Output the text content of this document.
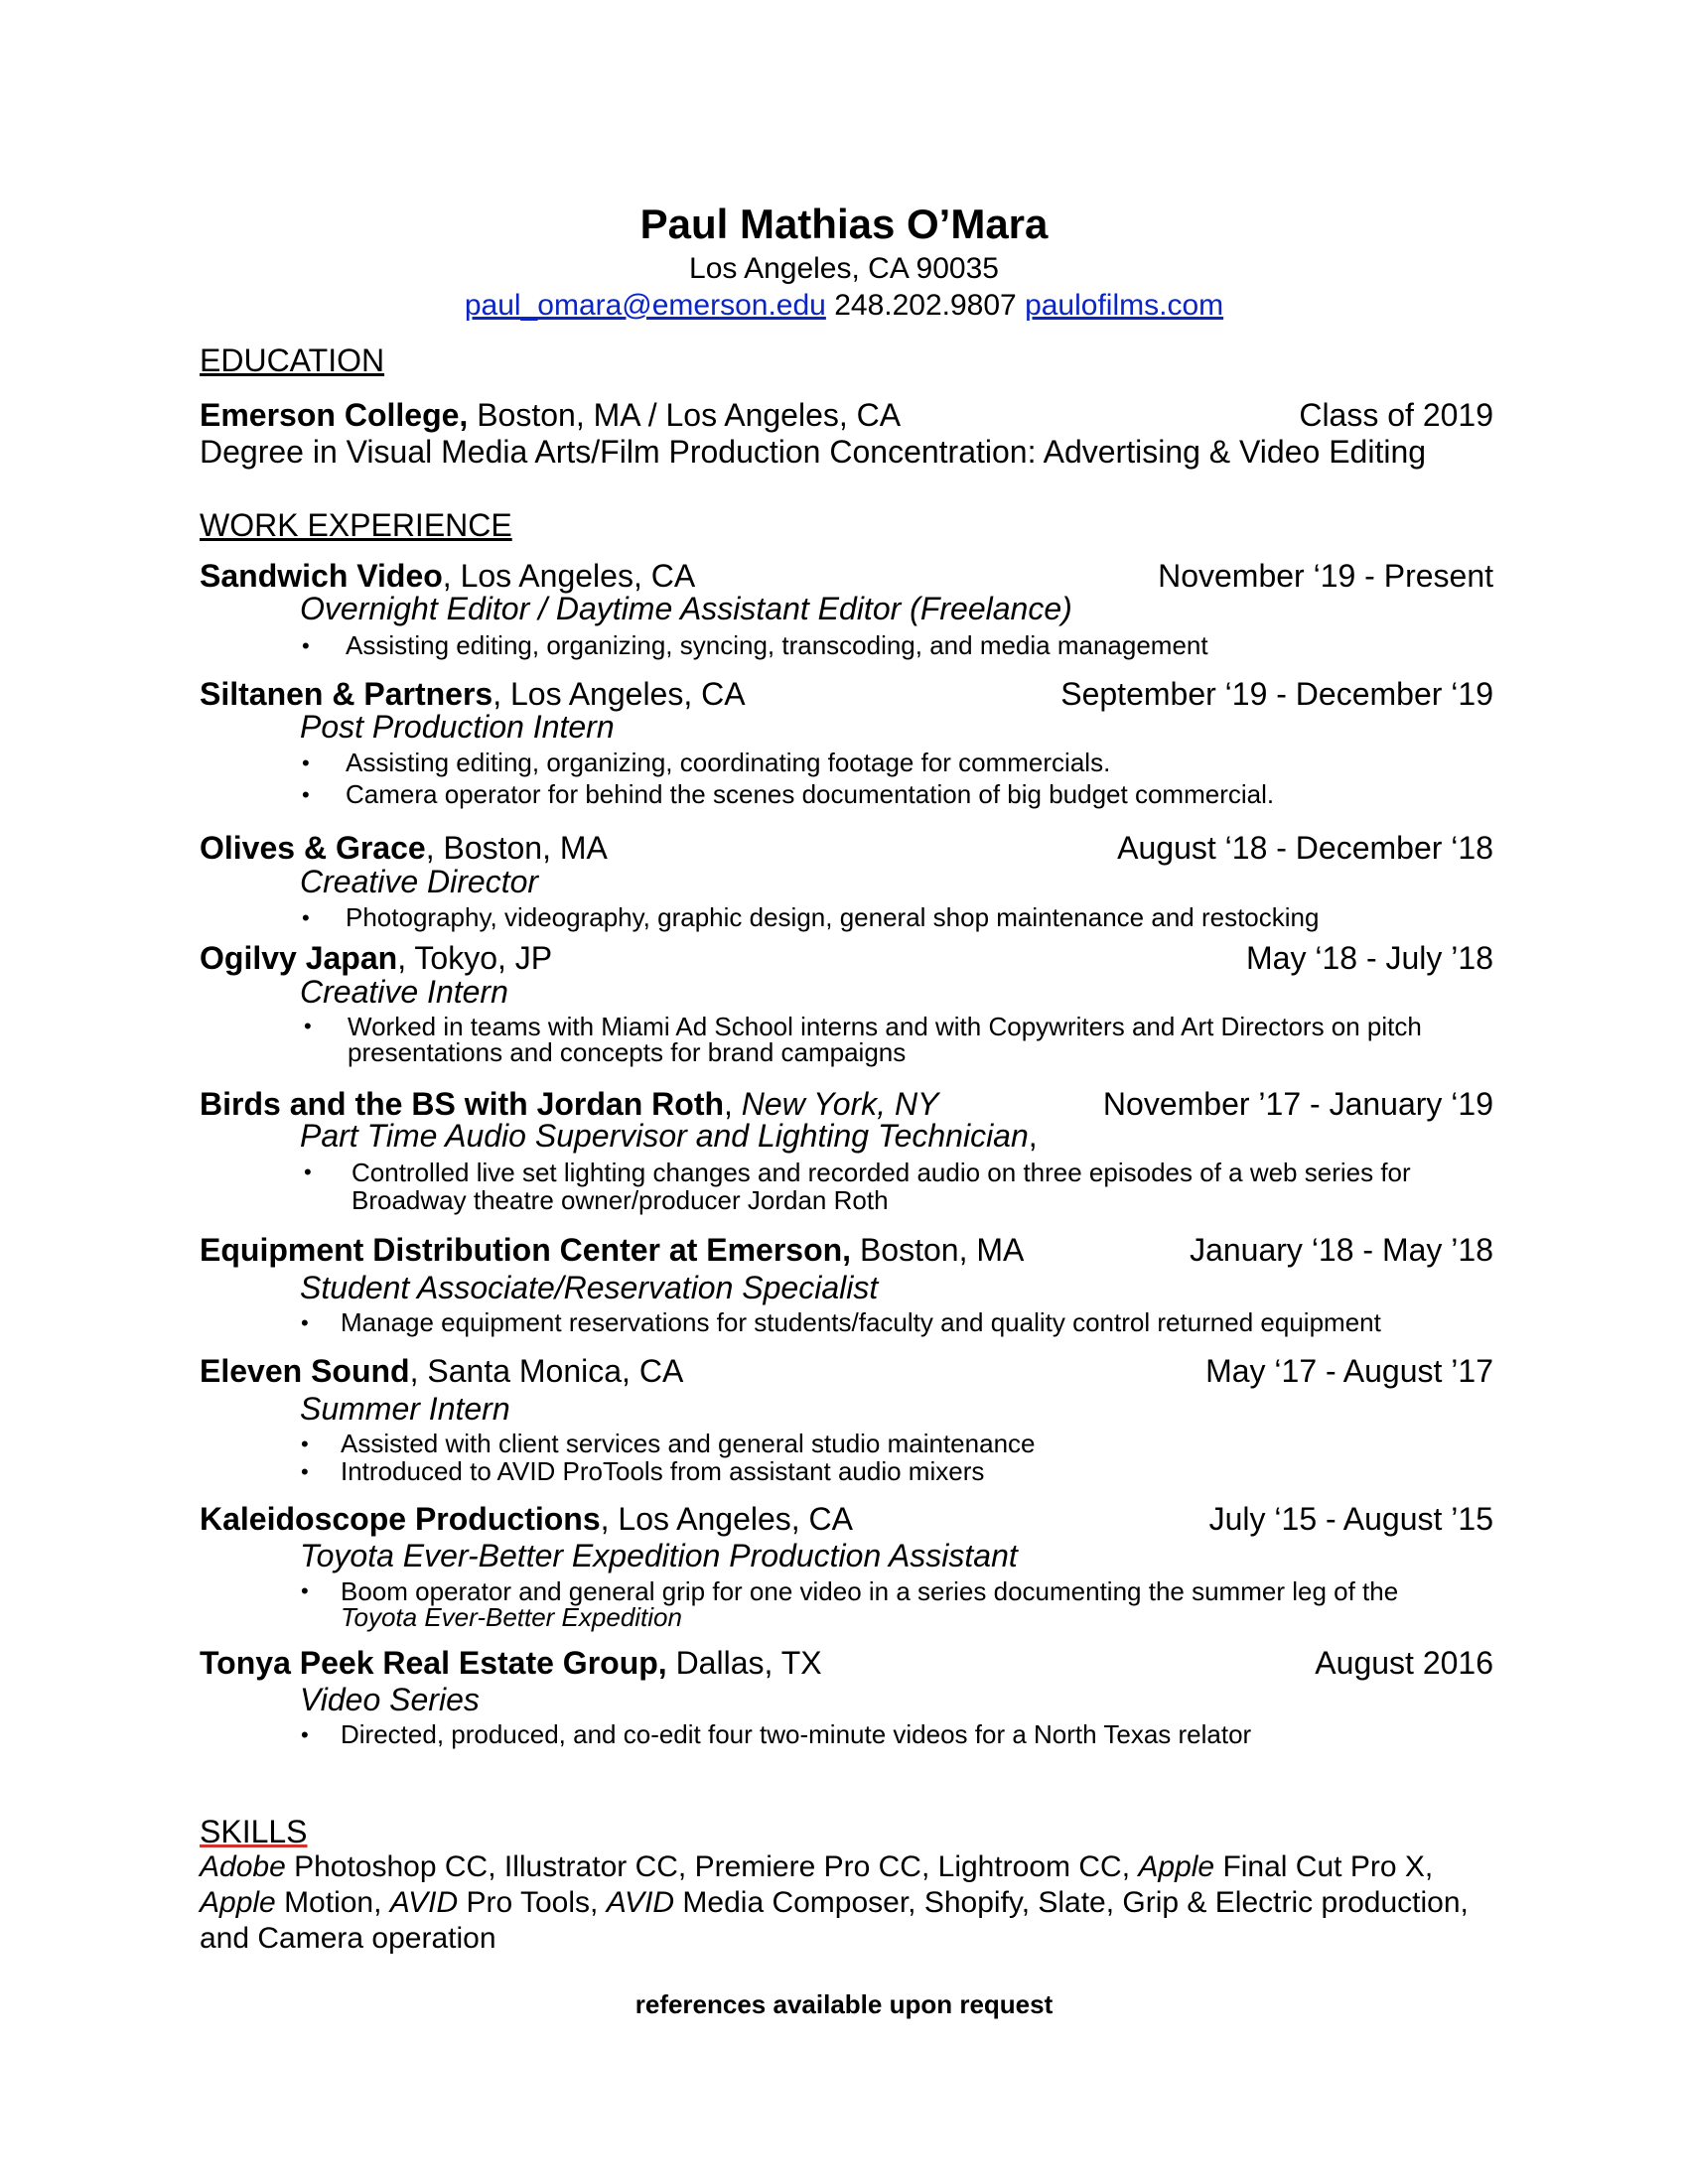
Paul Mathias O’Mara
Los Angeles, CA 90035
paul_omara@emerson.edu 248.202.9807 paulofilms.com
EDUCATION
Emerson College, Boston, MA / Los Angeles, CA	Class of 2019
Degree in Visual Media Arts/Film Production Concentration: Advertising & Video Editing
WORK EXPERIENCE
Sandwich Video, Los Angeles, CA	November ‘19 - Present
Overnight Editor / Daytime Assistant Editor (Freelance)
• Assisting editing, organizing, syncing, transcoding, and media management
Siltanen & Partners, Los Angeles, CA	September ‘19 - December ‘19
Post Production Intern
• Assisting editing, organizing, coordinating footage for commercials.
• Camera operator for behind the scenes documentation of big budget commercial.
Olives & Grace, Boston, MA	August ‘18 - December ‘18
Creative Director
• Photography, videography, graphic design, general shop maintenance and restocking
Ogilvy Japan, Tokyo, JP	May ‘18 - July ’18
Creative Intern
• Worked in teams with Miami Ad School interns and with Copywriters and Art Directors on pitch presentations and concepts for brand campaigns
Birds and the BS with Jordan Roth, New York, NY	November ’17 - January ‘19
Part Time Audio Supervisor and Lighting Technician,
• Controlled live set lighting changes and recorded audio on three episodes of a web series for Broadway theatre owner/producer Jordan Roth
Equipment Distribution Center at Emerson, Boston, MA	January ‘18 - May ’18
Student Associate/Reservation Specialist
• Manage equipment reservations for students/faculty and quality control returned equipment
Eleven Sound, Santa Monica, CA	May ‘17 - August ’17
Summer Intern
• Assisted with client services and general studio maintenance
• Introduced to AVID ProTools from assistant audio mixers
Kaleidoscope Productions, Los Angeles, CA	July ‘15 - August ’15
Toyota Ever-Better Expedition Production Assistant
• Boom operator and general grip for one video in a series documenting the summer leg of the
Toyota Ever-Better Expedition
Tonya Peek Real Estate Group, Dallas, TX	August 2016
Video Series
• Directed, produced, and co-edit four two-minute videos for a North Texas relator
SKILLS
Adobe Photoshop CC, Illustrator CC, Premiere Pro CC, Lightroom CC, Apple Final Cut Pro X, Apple Motion, AVID Pro Tools, AVID Media Composer, Shopify, Slate, Grip & Electric production, and Camera operation
references available upon request
